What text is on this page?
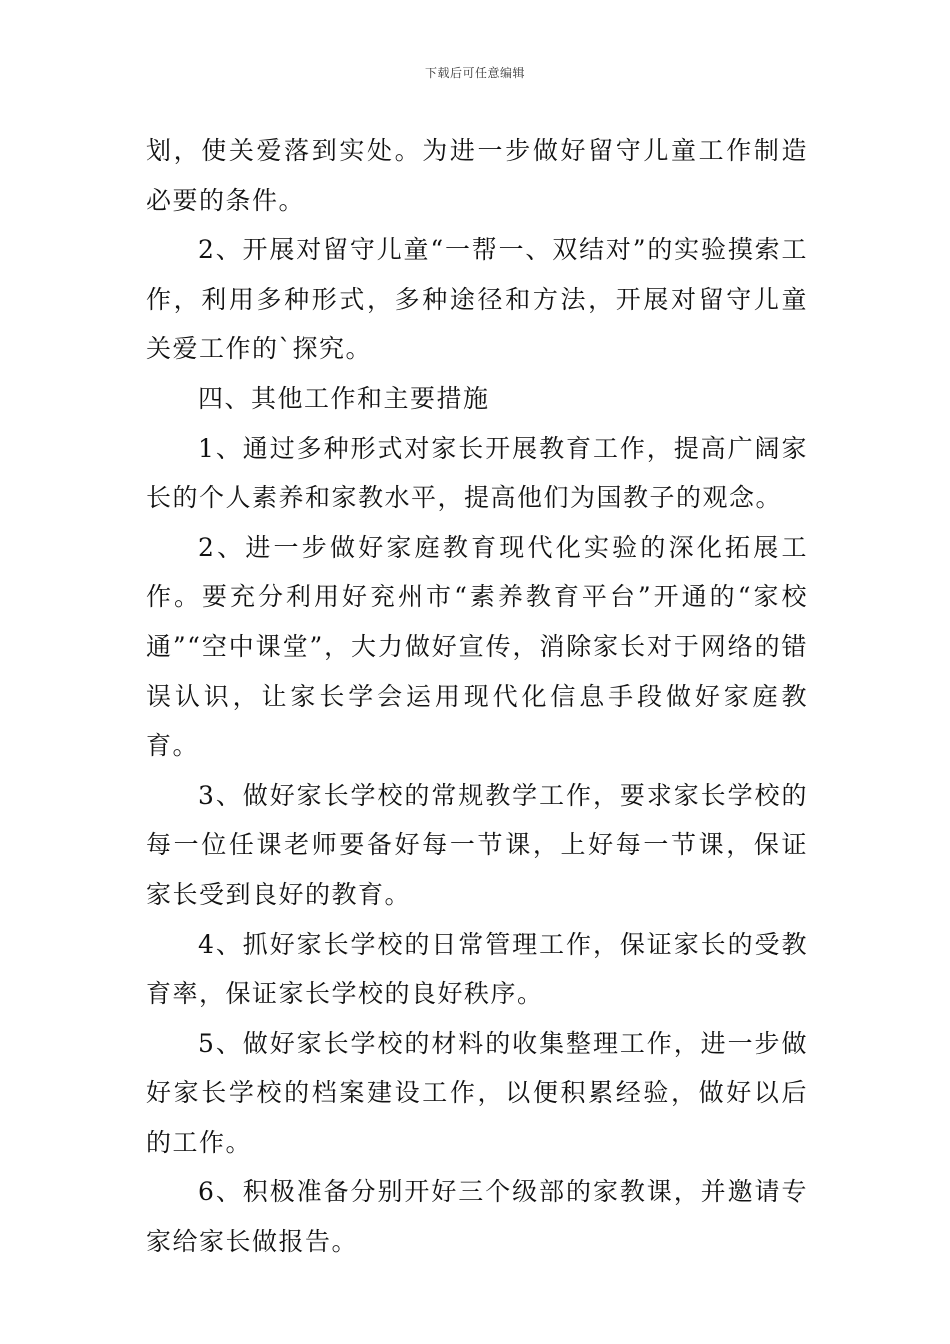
下载后可任意编辑

划，使关爱落到实处。为进一步做好留守儿童工作制造必要的条件。

2、开展对留守儿童“一帮一、双结对”的实验摸索工作，利用多种形式，多种途径和方法，开展对留守儿童关爱工作的`探究。

四、其他工作和主要措施

1、通过多种形式对家长开展教育工作，提高广阔家长的个人素养和家教水平，提高他们为国教子的观念。

2、进一步做好家庭教育现代化实验的深化拓展工作。要充分利用好兖州市“素养教育平台”开通的“家校通”“空中课堂”，大力做好宣传，消除家长对于网络的错误认识，让家长学会运用现代化信息手段做好家庭教育。

3、做好家长学校的常规教学工作，要求家长学校的每一位任课老师要备好每一节课，上好每一节课，保证家长受到良好的教育。

4、抓好家长学校的日常管理工作，保证家长的受教育率，保证家长学校的良好秩序。

5、做好家长学校的材料的收集整理工作，进一步做好家长学校的档案建设工作，以便积累经验，做好以后的工作。

6、积极准备分别开好三个级部的家教课，并邀请专家给家长做报告。
